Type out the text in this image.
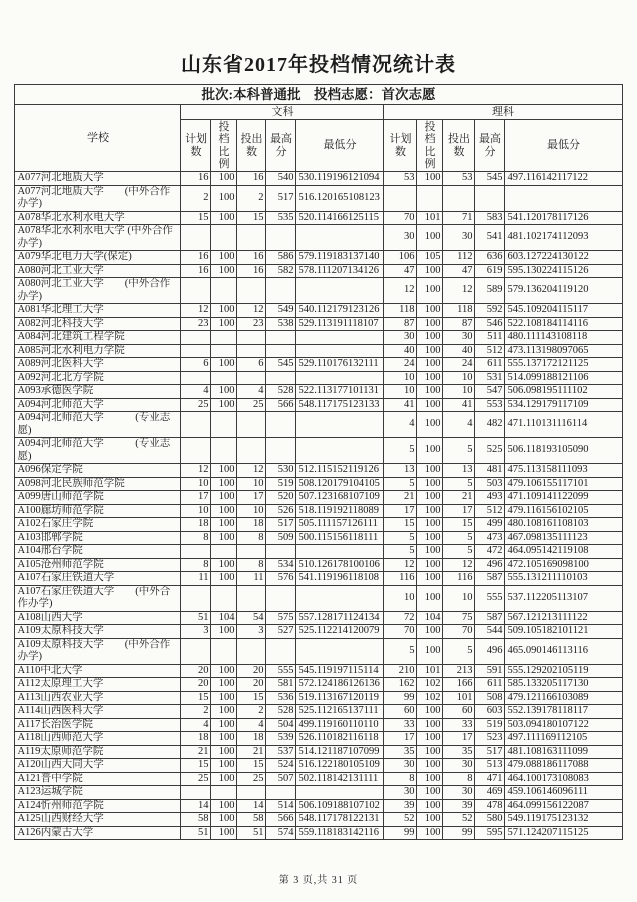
山东省2017年投档情况统计表
批次:本科普通批　投档志愿：首次志愿										
学校	文科					理科				
	计划数	投档比例	投出数	最高分	最低分	计划数	投档比例	投出数	最高分	最低分
A077河北地质大学	16	100	16	540	530.119196121094	53	100	53	545	497.116142117122
A077河北地质大学　　(中外合作办学)	2	100	2	517	516.120165108123					
A078华北水利水电大学	15	100	15	535	520.114166125115	70	101	71	583	541.120178117126
A078华北水利水电大学 (中外合作办学)						30	100	30	541	481.102174112093
A079华北电力大学(保定)	16	100	16	586	579.119183137140	106	105	112	636	603.127224130122
A080河北工业大学	16	100	16	582	578.111207134126	47	100	47	619	595.130224115126
A080河北工业大学　　(中外合作办学)						12	100	12	589	579.136204119120
A081华北理工大学	12	100	12	549	540.112179123126	118	100	118	592	545.109204115117
A082河北科技大学	23	100	23	538	529.113191118107	87	100	87	546	522.108184114116
A084河北建筑工程学院						30	100	30	511	480.111143108118
A085河北水利电力学院						40	100	40	512	473.113198097065
A089河北医科大学	6	100	6	545	529.110176132111	24	100	24	611	555.137172121125
A092河北北方学院						10	100	10	531	514.099188121106
A093承德医学院	4	100	4	528	522.113177101131	10	100	10	547	506.098195111102
A094河北师范大学	25	100	25	566	548.117175123133	41	100	41	553	534.129179117109
A094河北师范大学　　　(专业志愿)						4	100	4	482	471.110131116114
A094河北师范大学　　　(专业志愿)						5	100	5	525	506.118193105090
A096保定学院	12	100	12	530	512.115152119126	13	100	13	481	475.113158111093
A098河北民族师范学院	10	100	10	519	508.120179104105	5	100	5	503	479.106155117101
A099唐山师范学院	17	100	17	520	507.123168107109	21	100	21	493	471.109141122099
A100廊坊师范学院	10	100	10	526	518.119192118089	17	100	17	512	479.116156102105
A102石家庄学院	18	100	18	517	505.111157126111	15	100	15	499	480.108161108103
A103邯郸学院	8	100	8	509	500.115156118111	5	100	5	473	467.098135111123
A104邢台学院						5	100	5	472	464.095142119108
A105沧州师范学院	8	100	8	534	510.126178100106	12	100	12	496	472.105169098100
A107石家庄铁道大学	11	100	11	576	541.119196118108	116	100	116	587	555.131211110103
A107石家庄铁道大学　　(中外合作办学)						10	100	10	555	537.112205113107
A108山西大学	51	104	54	575	557.128171124134	72	104	75	587	567.121213111122
A109太原科技大学	3	100	3	527	525.112214120079	70	100	70	544	509.105182101121
A109太原科技大学　　(中外合作办学)						5	100	5	496	465.090146113116
A110中北大学	20	100	20	555	545.119197115114	210	101	213	591	555.129202105119
A112太原理工大学	20	100	20	581	572.124186126136	162	102	166	611	585.133205117130
A113山西农业大学	15	100	15	536	519.113167120119	99	102	101	508	479.121166103089
A114山西医科大学	2	100	2	528	525.112165137111	60	100	60	603	552.139178118117
A117长治医学院	4	100	4	504	499.119160110110	33	100	33	519	503.094180107122
A118山西师范大学	18	100	18	539	526.110182116118	17	100	17	523	497.111169112105
A119太原师范学院	21	100	21	537	514.121187107099	35	100	35	517	481.108163111099
A120山西大同大学	15	100	15	524	516.122180105109	30	100	30	513	479.088186117088
A121晋中学院	25	100	25	507	502.118142131111	8	100	8	471	464.100173108083
A123运城学院						30	100	30	469	459.106146096111
A124忻州师范学院	14	100	14	514	506.109188107102	39	100	39	478	464.099156122087
A125山西财经大学	58	100	58	566	548.117178122131	52	100	52	580	549.119175123132
A126内蒙古大学	51	100	51	574	559.118183142116	99	100	99	595	571.124207115125
第 3 页,共 31 页
